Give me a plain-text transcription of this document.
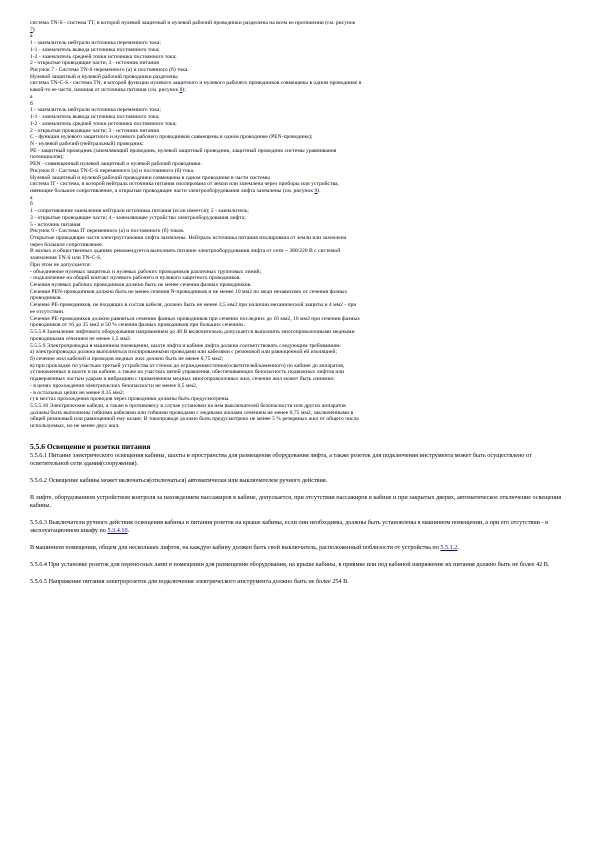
система TN-S - система TT, в которой нулевой защитный и нулевой рабочий проводники разделены на всем ее протяжении (см. рисунок

7)

а

1 - заземлитель нейтрали источника переменного тока;

1-1 - заземлитель вывода источника постоянного тока;

1-2 - заземлитель средней точки источника постоянного тока;

2 - открытые проводящие части; 3 - источник питания

Рисунок 7 - Система TN-S переменного (а) и постоянного (б) тока.

Нулевой защитный и нулевой рабочий проводники разделены

система TN-C-S - система TN, в которой функции нулевого защитного и нулевого рабочего проводников совмещены в одном проводнике в

какой-то ее части, начиная от источника питания (см. рисунок 8);

а

б

1 - заземлитель нейтрали источника переменного тока;

1-1 - заземлитель вывода источника постоянного тока;

1-2 - заземлитель средней точки источника постоянного тока;

2 - открытые проводящие части; 3 - источник питания

С - функции нулевого защитного и нулевого рабочего проводников совмещены в одном проводнике (PEN-проводник);

N - нулевой рабочий (нейтральный) проводник;

PE - защитный проводник (заземляющий проводник, нулевой защитный проводник, защитный проводник системы уравнивания

потенциалов);

PEN - совмещенный нулевой защитный и нулевой рабочий проводники.

Рисунок 8 - Система TN-C-S переменного (а) и постоянного (б) тока.

Нулевой защитный и нулевой рабочий проводники совмещены в одном проводнике в части системы

система IT - система, в которой нейтраль источника питания изолирована от земли или заземлена через приборы или устройства,

имеющие большое сопротивление, а открытые проводящие части электрооборудования лифта заземлены (см. рисунок 9).

а

б

1 - сопротивление заземления нейтрали источника питания (если имеется); 2 - заземлитель;

3 - открытые проводящие части; 4 - заземляющее устройство электрооборудования лифта;

5 - источник питания

Рисунок 9 - Система IT переменного (а) и постоянного (б) токов.

Открытые проводящие части электроустановки лифта заземлены. Нейтраль источника питания изолирована от земли или заземлена

через большое сопротивление.

В жилых и общественных зданиях рекомендуется выполнять питание электрооборудования лифта от сети ~ 380/220 В с системой

заземления TN-S или TN-C-S.

При этом не допускается:

- объединение нулевых защитных и нулевых рабочих проводников различных групповых линий;

- подключение на общий контакт нулевого рабочего и нулевого защитного проводников.

Сечения нулевых рабочих проводников должно быть не менее сечения фазных проводников.

Сечения PEN-проводников должно быть не менее сечения N-проводников и не менее 10 мм2 по меди независимо от сечения фазных

проводников.

Сечение PE-проводников, не входящих в состав кабеля, должно быть не менее 2,5 мм2 при наличии механической защиты и 4 мм2 - при

ее отсутствии.

Сечение PE-проводников должно равняться сечению фазных проводников при сечении последних до 16 мм2, 16 мм2 при сечении фазных

проводников от 16 до 35 мм2 и 50 % сечения фазных проводников при больших сечениях.

5.5.5.8 Заземление лифтового оборудования напряжением до 48 В включительно допускается выполнять многопроволочными медными

проводниками сечением не менее 1,5 мм2.

5.5.5.9 Электропроводка в машинном помещении, шахте лифта и кабине лифта должна соответствовать следующим требованиям:

а) электропроводка должна выполняться изолированными проводами или кабелями с резиновой или равноценной ей изоляцией;

б) сечение жил кабелей и проводов медных жил должно быть не менее 0,75 мм2;

в) при прокладке по участкам третьей устройства от стенок до ограждения/стенки(осветителей/каменного) по кабине до аппаратов,

установленных в шахте и на кабине, а также на участках цепей управления, обеспечивающих безопасность подвижных лифтов или

подверженных частым ударам и вибрациям с применением медных многопроволочных жил, сечение жил может быть снижено:

- в цепях прохождения электрических безопасности не менее 0,5 мм2,

- в остальных цепях не менее 0,35 мм2;

г) в местах прохождения проводов через проводники должны быть предусмотрены.

5.5.5.10 Электрические кабели, а также в противовесу в случае установки на нем выключателей безопасности или других аппаратов

должны быть выполнены гибкими кабелями или гибкими проводами с медными жилами сечением не менее 0,75 мм2, заключенными в

общей резиновый или равноценной ему шланг. В токопроводе должно быть предусмотрено не менее 5 % резервных жил от общего числа

используемых, но не менее двух жил.

5.5.6 Освещение и розетки питания

5.5.6.1 Питание электрического освещения кабины, шахты и пространства для размещения оборудования лифта, а также розеток для подключения инструмента может быть осуществлено от осветительной сети здания(сооружения).

5.5.6.2 Освещение кабины может включаться(отключаться) автоматически или выключателем ручного действия.

В лифте, оборудованном устройством контроля за нахождением пассажиров в кабине, допускается, при отсутствии пассажиров в кабине и при закрытых дверях, автоматическое отключение освещения кабины.

5.5.6.3 Выключатели ручного действия освещения кабины и питания розеток на крыше кабины, если они необходимы, должны быть установлены в машинном помещении, а при его отсутствии - в эксплуатационном шкафу по 5.3.4.10.

В машинном помещении, общем для нескольких лифтов, на каждую кабину должен быть свой выключатель, расположенный поблизости от устройства по 5.5.1.2.

5.5.6.4 При установке розеток для переносных ламп в помещении для размещения оборудования, на крыше кабины, в приямке или под кабиной напряжение их питания должно быть не более 42 В.

5.5.6.5 Напряжение питания электророзеток для подключения электрического инструмента должно быть не более 254 В.
